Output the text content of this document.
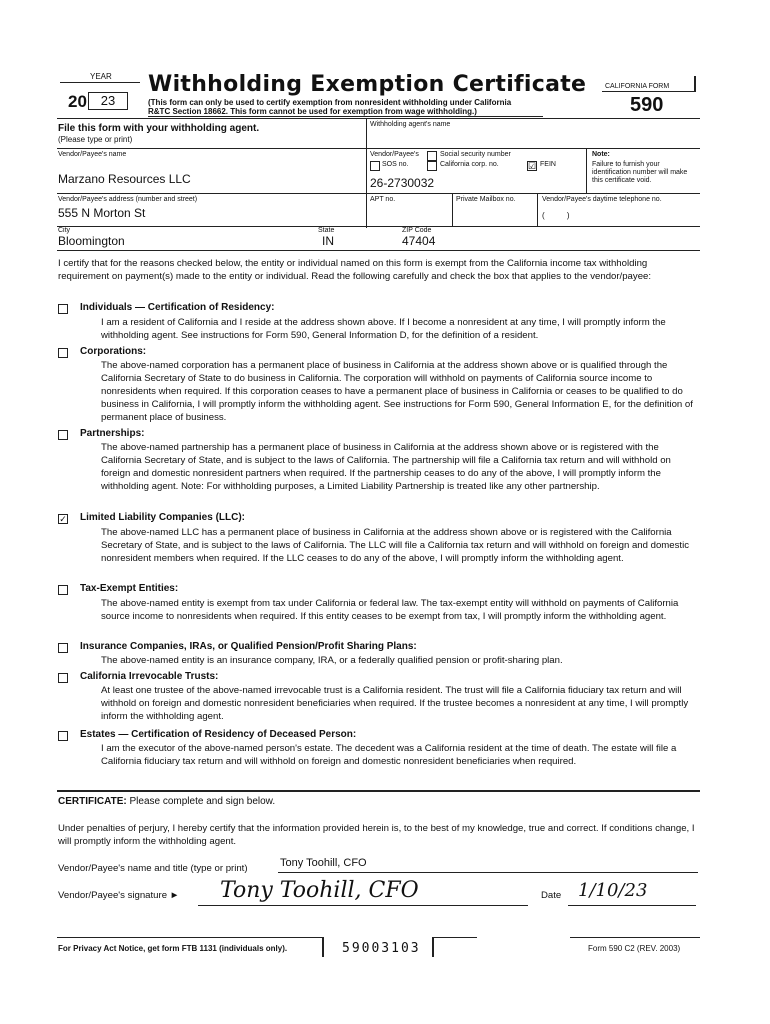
YEAR
20	23
Withholding Exemption Certificate
(This form can only be used to certify exemption from nonresident withholding under California
R&TC Section 18662. This form cannot be used for exemption from wage withholding.)
CALIFORNIA FORM
590
File this form with your withholding agent.
(Please type or print)
Withholding agent's name
Vendor/Payee's name
Marzano Resources LLC
Vendor/Payee's	Social security number
SOS no.	California corp. no.	☑ FEIN
26-2730032
Note:
Failure to furnish your identification number will make this certificate void.
Vendor/Payee's address (number and street)
555 N Morton St
APT no.	Private Mailbox no.	Vendor/Payee's daytime telephone no.
(          )
City
Bloomington
State
IN
ZIP Code
47404
I certify that for the reasons checked below, the entity or individual named on this form is exempt from the California income tax withholding requirement on payment(s) made to the entity or individual. Read the following carefully and check the box that applies to the vendor/payee:
Individuals — Certification of Residency:
I am a resident of California and I reside at the address shown above. If I become a nonresident at any time, I will promptly inform the withholding agent. See instructions for Form 590, General Information D, for the definition of a resident.
Corporations:
The above-named corporation has a permanent place of business in California at the address shown above or is qualified through the California Secretary of State to do business in California. The corporation will withhold on payments of California source income to nonresidents when required. If this corporation ceases to have a permanent place of business in California or ceases to be qualified to do business in California, I will promptly inform the withholding agent. See instructions for Form 590, General Information E, for the definition of permanent place of business.
Partnerships:
The above-named partnership has a permanent place of business in California at the address shown above or is registered with the California Secretary of State, and is subject to the laws of California. The partnership will file a California tax return and will withhold on foreign and domestic nonresident partners when required. If the partnership ceases to do any of the above, I will promptly inform the withholding agent. Note: For withholding purposes, a Limited Liability Partnership is treated like any other partnership.
✓ Limited Liability Companies (LLC):
The above-named LLC has a permanent place of business in California at the address shown above or is registered with the California Secretary of State, and is subject to the laws of California. The LLC will file a California tax return and will withhold on foreign and domestic nonresident members when required. If the LLC ceases to do any of the above, I will promptly inform the withholding agent.
Tax-Exempt Entities:
The above-named entity is exempt from tax under California or federal law. The tax-exempt entity will withhold on payments of California source income to nonresidents when required. If this entity ceases to be exempt from tax, I will promptly inform the withholding agent.
Insurance Companies, IRAs, or Qualified Pension/Profit Sharing Plans:
The above-named entity is an insurance company, IRA, or a federally qualified pension or profit-sharing plan.
California Irrevocable Trusts:
At least one trustee of the above-named irrevocable trust is a California resident. The trust will file a California fiduciary tax return and will withhold on foreign and domestic nonresident beneficiaries when required. If the trustee becomes a nonresident at any time, I will promptly inform the withholding agent.
Estates — Certification of Residency of Deceased Person:
I am the executor of the above-named person's estate. The decedent was a California resident at the time of death. The estate will file a California fiduciary tax return and will withhold on foreign and domestic nonresident beneficiaries when required.
CERTIFICATE: Please complete and sign below.
Under penalties of perjury, I hereby certify that the information provided herein is, to the best of my knowledge, true and correct. If conditions change, I will promptly inform the withholding agent.
Vendor/Payee's name and title (type or print)	Tony Toohill, CFO
Vendor/Payee's signature ► Tony Toohill, CFO	Date 1/10/23
For Privacy Act Notice, get form FTB 1131 (individuals only).	59003103	Form 590 C2 (REV. 2003)
